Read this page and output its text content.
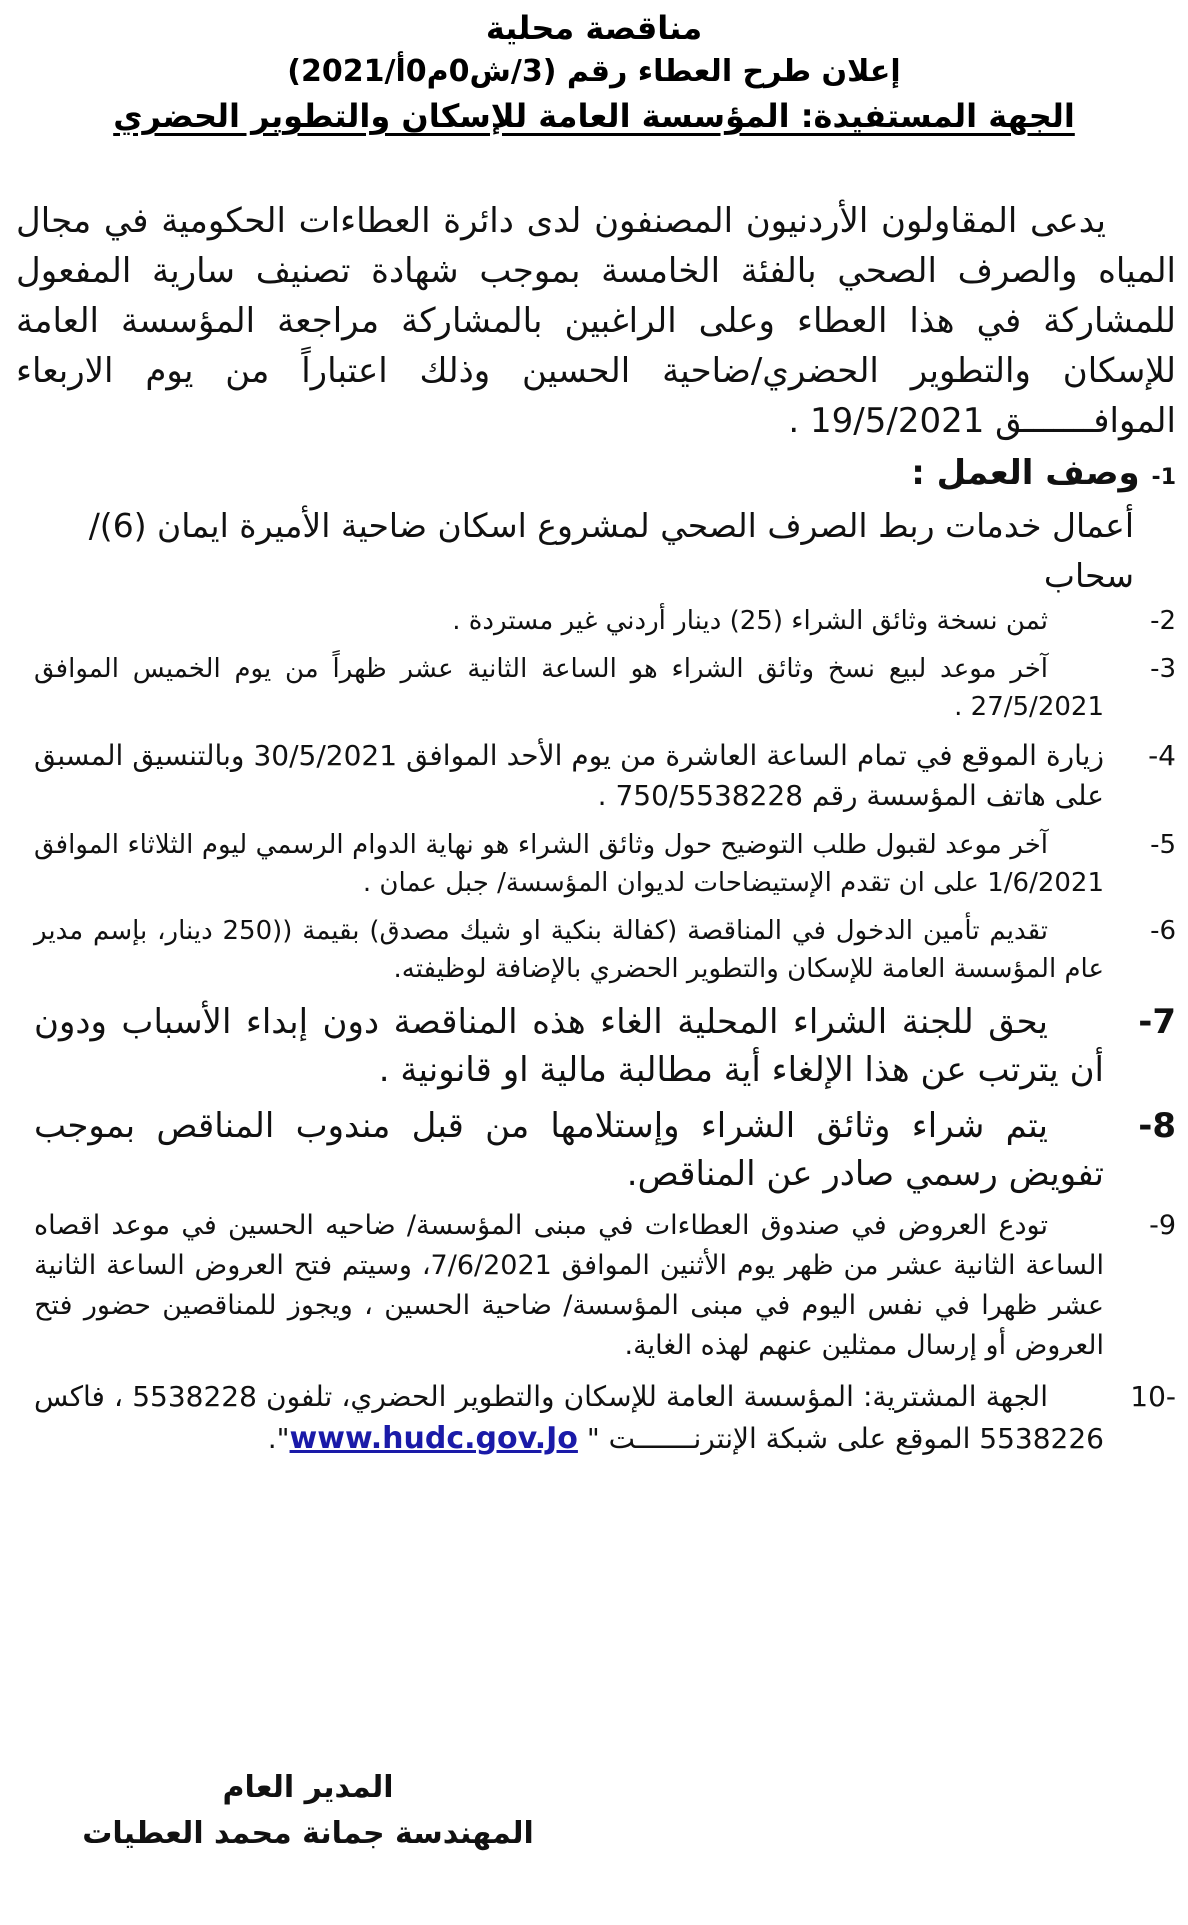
مناقصة محلية
إعلان طرح العطاء رقم (3/ش0م0أ/2021)
الجهة المستفيدة: المؤسسة العامة للإسكان والتطوير الحضري

يدعى المقاولون الأردنيون المصنفون لدى دائرة العطاءات الحكومية في مجال المياه والصرف الصحي بالفئة الخامسة بموجب شهادة تصنيف سارية المفعول للمشاركة في هذا العطاء وعلى الراغبين بالمشاركة مراجعة المؤسسة العامة للإسكان والتطوير الحضري/ضاحية الحسين وذلك اعتباراً من يوم الاربعاء الموافـــــــق 19/5/2021 .

1- وصف العمل :
أعمال خدمات ربط الصرف الصحي لمشروع اسكان ضاحية الأميرة ايمان (6)/ سحاب
2-
ثمن نسخة وثائق الشراء (25) دينار أردني غير مستردة .
3-
آخر موعد لبيع نسخ وثائق الشراء هو الساعة الثانية عشر ظهراً من يوم الخميس الموافق 27/5/2021 .
4-
زيارة الموقع في تمام الساعة العاشرة من يوم الأحد الموافق 30/5/2021 وبالتنسيق المسبق على هاتف المؤسسة رقم 750/5538228 .
5-
آخر موعد لقبول طلب التوضيح حول وثائق الشراء هو نهاية الدوام الرسمي ليوم الثلاثاء الموافق 1/6/2021 على ان تقدم الإستيضاحات لديوان المؤسسة/ جبل عمان .
6-
تقديم تأمين الدخول في المناقصة (كفالة بنكية او شيك مصدق) بقيمة ((250 دينار، بإسم مدير عام المؤسسة العامة للإسكان والتطوير الحضري بالإضافة لوظيفته.
7-
يحق للجنة الشراء المحلية الغاء هذه المناقصة دون إبداء الأسباب ودون أن يترتب عن هذا الإلغاء أية مطالبة مالية او قانونية .
8-
يتم شراء وثائق الشراء وإستلامها من قبل مندوب المناقص بموجب تفويض رسمي صادر عن المناقص.
9-
تودع العروض في صندوق العطاءات في مبنى المؤسسة/ ضاحيه الحسين في موعد اقصاه الساعة الثانية عشر من ظهر يوم الأثنين الموافق 7/6/2021، وسيتم فتح العروض الساعة الثانية عشر ظهرا في نفس اليوم في مبنى المؤسسة/ ضاحية الحسين ، ويجوز للمناقصين حضور فتح العروض أو إرسال ممثلين عنهم لهذه الغاية.
-10
الجهة المشترية: المؤسسة العامة للإسكان والتطوير الحضري، تلفون 5538228 ، فاكس 5538226 الموقع على شبكة الإنترنـــــــت " www.hudc.gov.Jo".
المدير العام
المهندسة جمانة محمد العطيات
